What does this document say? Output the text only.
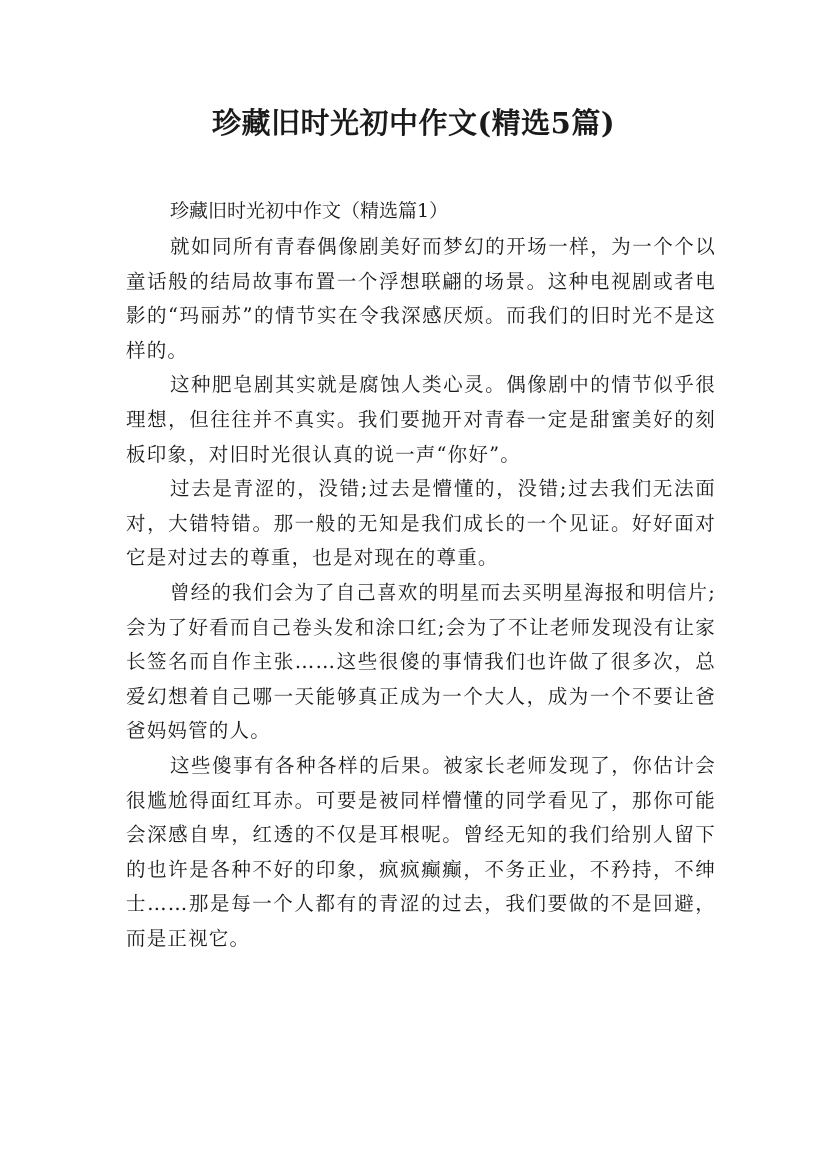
珍藏旧时光初中作文(精选5篇)

珍藏旧时光初中作文（精选篇1）

就如同所有青春偶像剧美好而梦幻的开场一样，为一个个以童话般的结局故事布置一个浮想联翩的场景。这种电视剧或者电影的“玛丽苏”的情节实在令我深感厌烦。而我们的旧时光不是这样的。

这种肥皂剧其实就是腐蚀人类心灵。偶像剧中的情节似乎很理想，但往往并不真实。我们要抛开对青春一定是甜蜜美好的刻板印象，对旧时光很认真的说一声“你好”。

过去是青涩的，没错;过去是懵懂的，没错;过去我们无法面对，大错特错。那一般的无知是我们成长的一个见证。好好面对它是对过去的尊重，也是对现在的尊重。

曾经的我们会为了自己喜欢的明星而去买明星海报和明信片;会为了好看而自己卷头发和涂口红;会为了不让老师发现没有让家长签名而自作主张……这些很傻的事情我们也许做了很多次，总爱幻想着自己哪一天能够真正成为一个大人，成为一个不要让爸爸妈妈管的人。

这些傻事有各种各样的后果。被家长老师发现了，你估计会很尴尬得面红耳赤。可要是被同样懵懂的同学看见了，那你可能会深感自卑，红透的不仅是耳根呢。曾经无知的我们给别人留下的也许是各种不好的印象，疯疯癫癫，不务正业，不矜持，不绅士……那是每一个人都有的青涩的过去，我们要做的不是回避，而是正视它。
